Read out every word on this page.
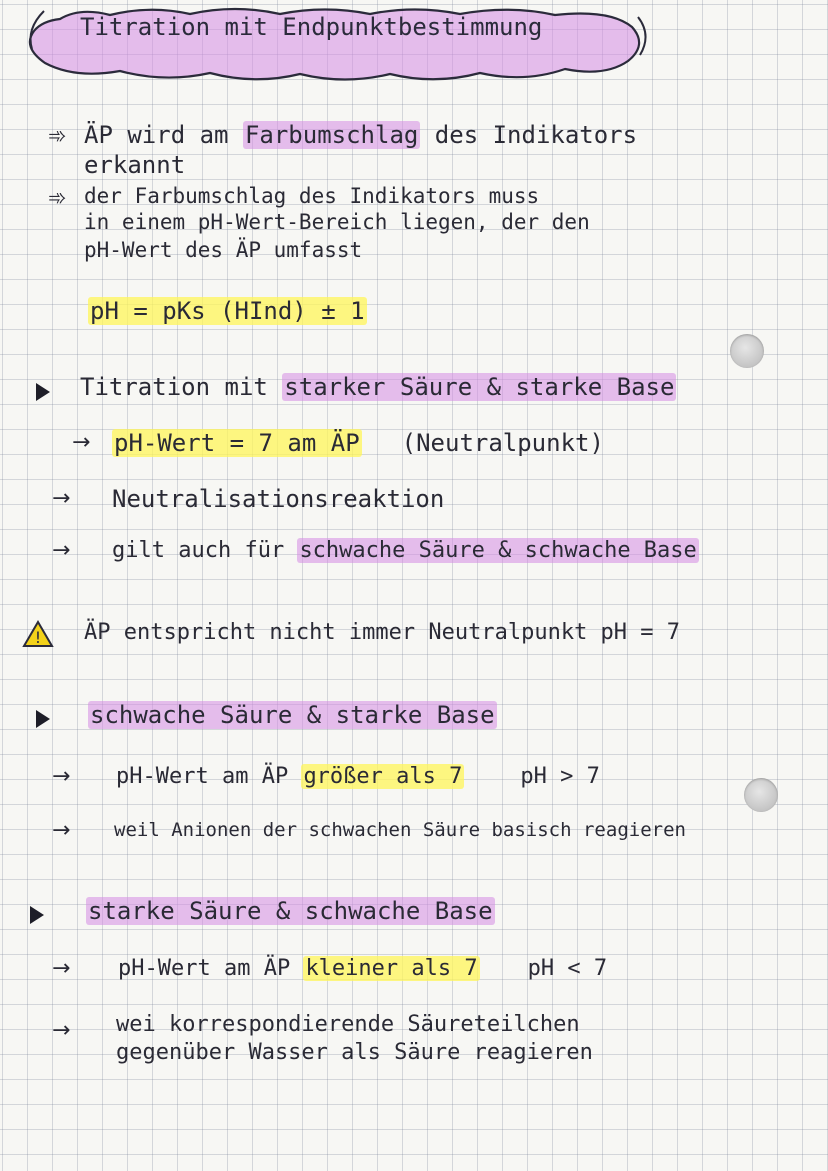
Titration mit Endpunktbestimmung
➾ ÄP wird am Farbumschlag des Indikators
erkannt
➾ der Farbumschlag des Indikators muss
in einem pH-Wert-Bereich liegen, der den
pH-Wert des ÄP umfasst
pH = pKs (HInd) ± 1
Titration mit starker Säure & starke Base
→ pH-Wert = 7 am ÄP (Neutralpunkt)
→ Neutralisationsreaktion
→ gilt auch für schwache Säure & schwache Base
! ÄP entspricht nicht immer Neutralpunkt pH = 7
schwache Säure & starke Base
→ pH-Wert am ÄP größer als 7	pH > 7
→ weil Anionen der schwachen Säure basisch reagieren
starke Säure & schwache Base
→ pH-Wert am ÄP kleiner als 7 pH < 7
→ wei korrespondierende Säureteilchen
gegenüber Wasser als Säure reagieren
